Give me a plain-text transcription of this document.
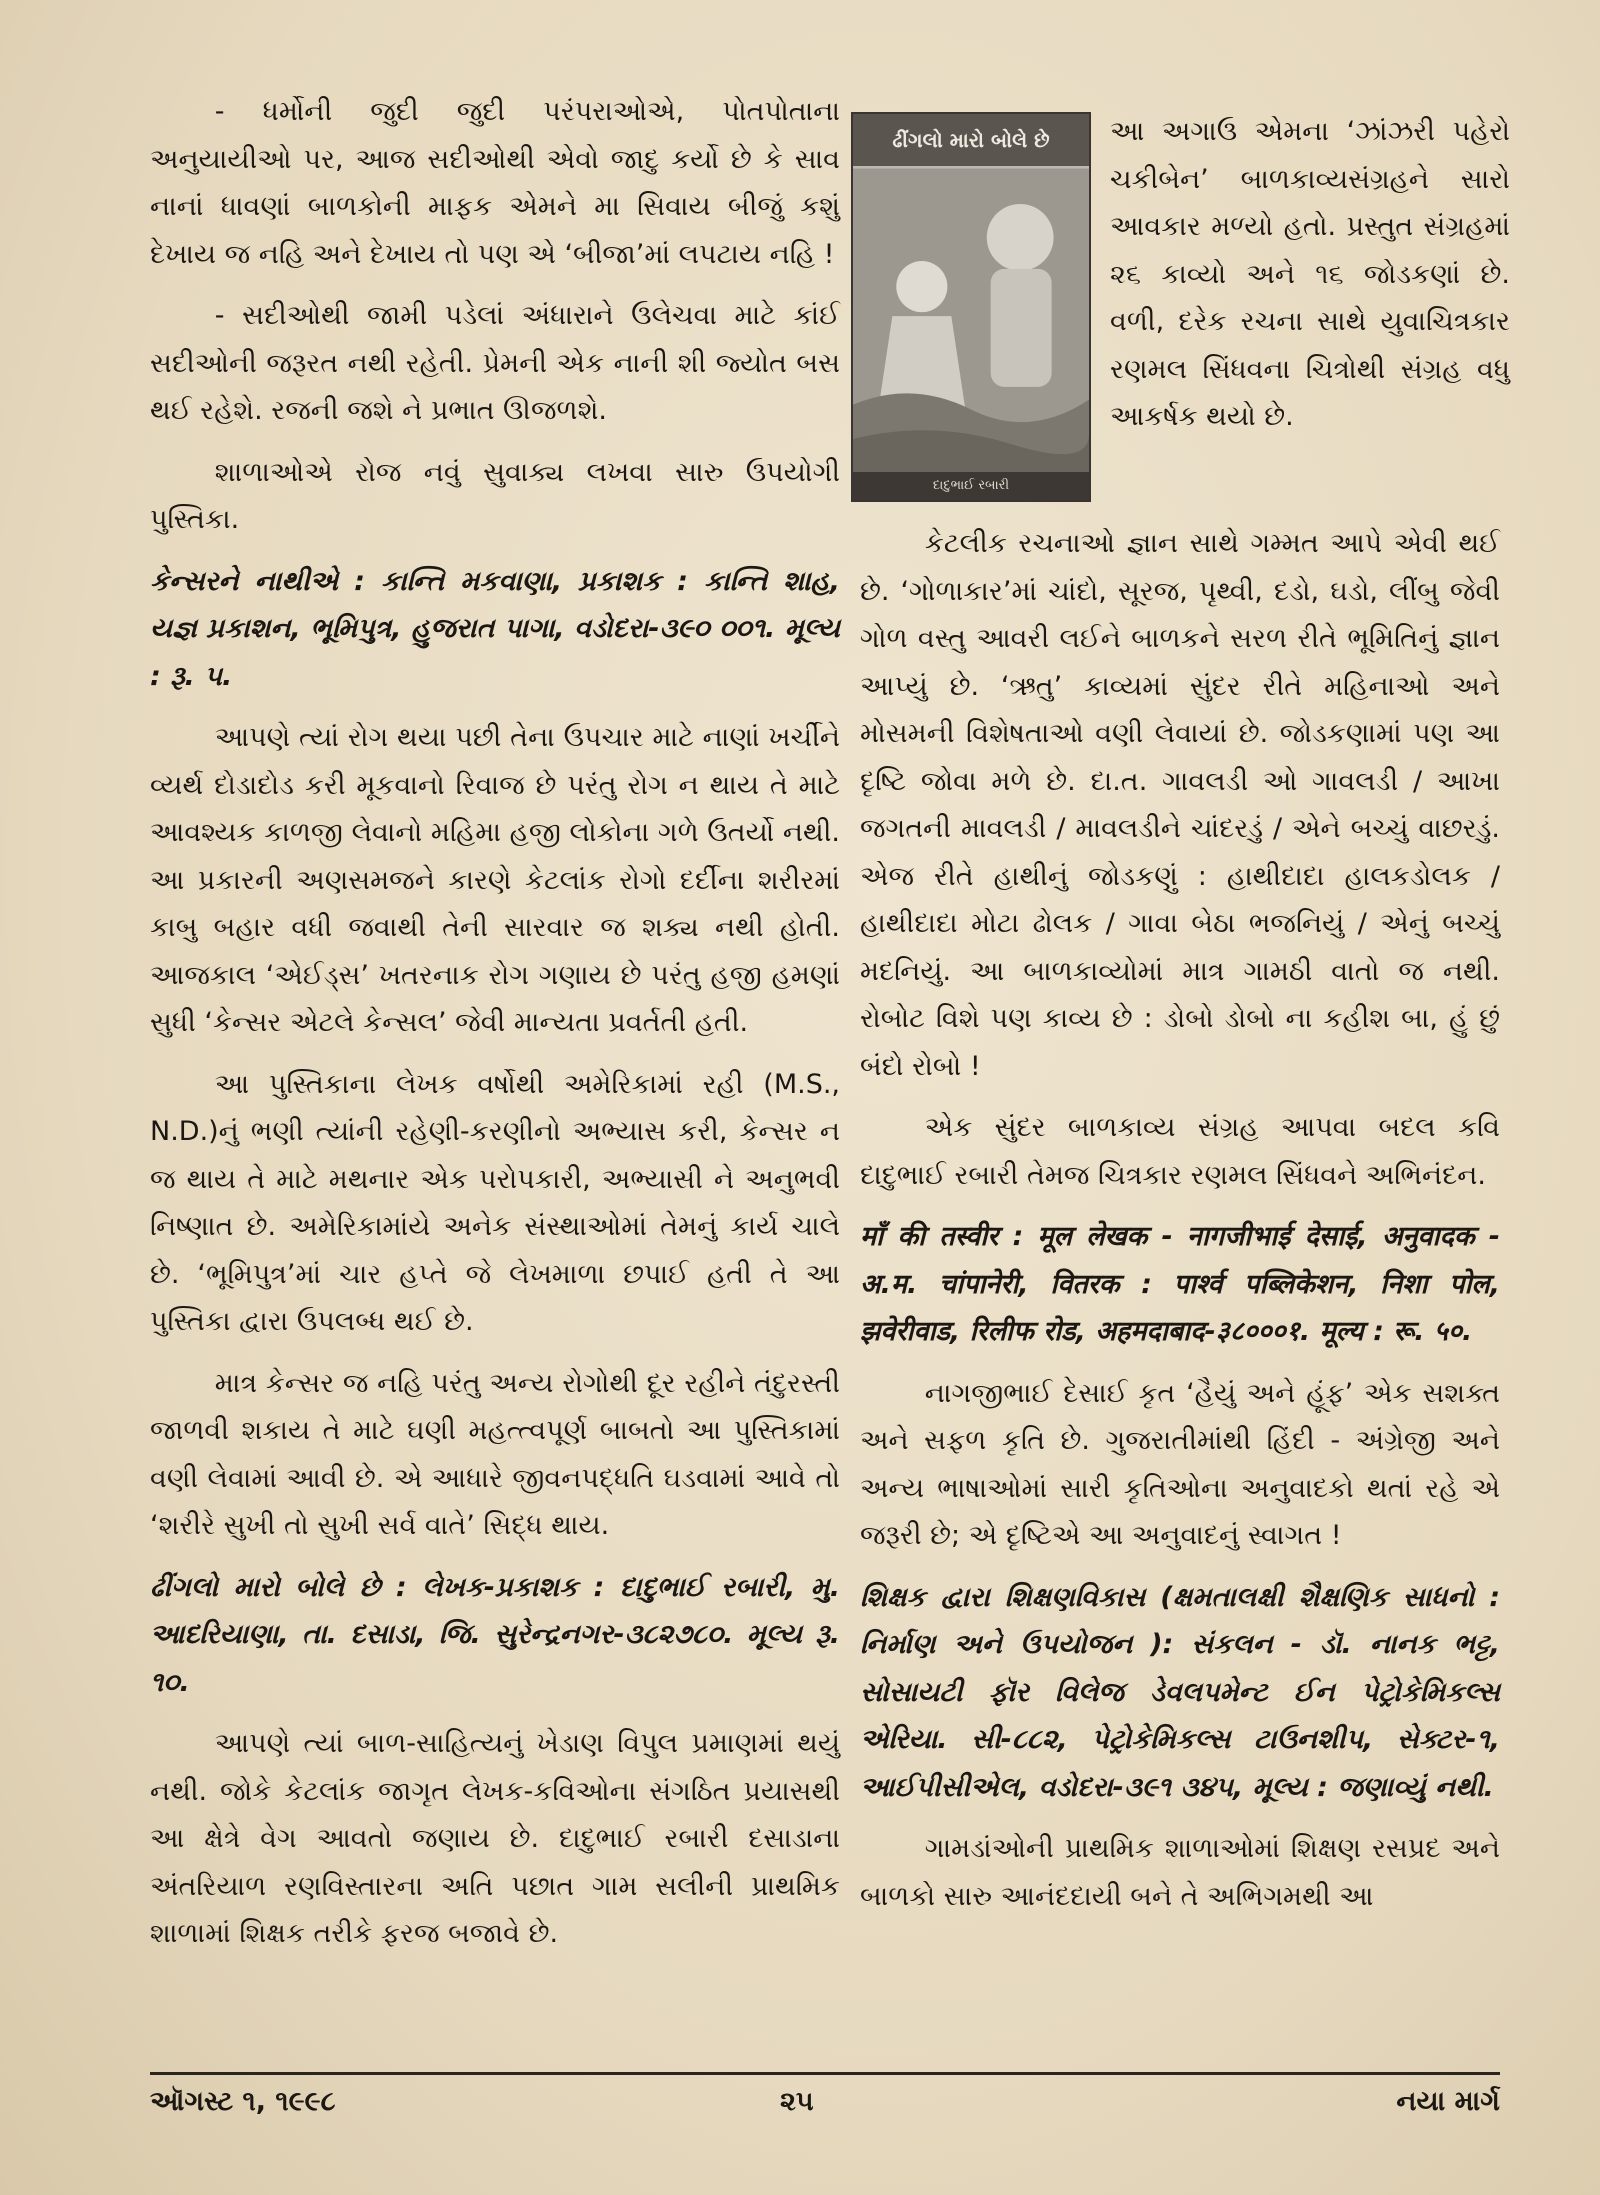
- ધર્મોની જુદી જુદી પરંપરાઓએ, પોતપોતાના અનુયાયીઓ પર, આજ સદીઓથી એવો જાદુ કર્યો છે કે સાવ નાનાં ધાવણાં બાળકોની માફક એમને મા સિવાય બીજું કશું દેખાય જ નહિ અને દેખાય તો પણ એ ‘બીજા’માં લપટાય નહિ !

- સદીઓથી જામી પડેલાં અંધારાને ઉલેચવા માટે કાંઈ સદીઓની જરૂરત નથી રહેતી. પ્રેમની એક નાની શી જ્યોત બસ થઈ રહેશે. રજની જશે ને પ્રભાત ઊજળશે.

શાળાઓએ રોજ નવું સુવાક્ય લખવા સારુ ઉપયોગી પુસ્તિકા.

કેન્સરને નાથીએ : કાન્તિ મકવાણા, પ્રકાશક : કાન્તિ શાહ, યજ્ઞ પ્રકાશન, ભૂમિપુત્ર, હુજરાત પાગા, વડોદરા-૩૯૦ ૦૦૧. મૂલ્ય : રૂ. ૫.

આપણે ત્યાં રોગ થયા પછી તેના ઉપચાર માટે નાણાં ખર્ચીને વ્યર્થ દોડાદોડ કરી મૂકવાનો રિવાજ છે પરંતુ રોગ ન થાય તે માટે આવશ્યક કાળજી લેવાનો મહિમા હજી લોકોના ગળે ઉતર્યો નથી. આ પ્રકારની અણસમજને કારણે કેટલાંક રોગો દર્દીના શરીરમાં કાબુ બહાર વધી જવાથી તેની સારવાર જ શક્ય નથી હોતી. આજકાલ ‘એઈડ્સ’ ખતરનાક રોગ ગણાય છે પરંતુ હજી હમણાં સુધી ‘કેન્સર એટલે કેન્સલ’ જેવી માન્યતા પ્રવર્તતી હતી.

આ પુસ્તિકાના લેખક વર્ષોથી અમેરિકામાં રહી (M.S., N.D.)નું ભણી ત્યાંની રહેણી-કરણીનો અભ્યાસ કરી, કેન્સર ન જ થાય તે માટે મથનાર એક પરોપકારી, અભ્યાસી ને અનુભવી નિષ્ણાત છે. અમેરિકામાંયે અનેક સંસ્થાઓમાં તેમનું કાર્ય ચાલે છે. ‘ભૂમિપુત્ર’માં ચાર હપ્તે જે લેખમાળા છપાઈ હતી તે આ પુસ્તિકા દ્વારા ઉપલબ્ધ થઈ છે.

માત્ર કેન્સર જ નહિ પરંતુ અન્ય રોગોથી દૂર રહીને તંદુરસ્તી જાળવી શકાય તે માટે ઘણી મહત્ત્વપૂર્ણ બાબતો આ પુસ્તિકામાં વણી લેવામાં આવી છે. એ આધારે જીવનપદ્ધતિ ઘડવામાં આવે તો ‘શરીરે સુખી તો સુખી સર્વ વાતે’ સિદ્ધ થાય.

ઢીંગલો મારો બોલે છે : લેખક-પ્રકાશક : દાદુભાઈ રબારી, મુ. આદરિયાણા, તા. દસાડા, જિ. સુરેન્દ્રનગર-૩૮૨૭૮૦. મૂલ્ય રૂ. ૧૦.

આપણે ત્યાં બાળ-સાહિત્યનું ખેડાણ વિપુલ પ્રમાણમાં થયું નથી. જોકે કેટલાંક જાગૃત લેખક-કવિઓના સંગઠિત પ્રયાસથી આ ક્ષેત્રે વેગ આવતો જણાય છે. દાદુભાઈ રબારી દસાડાના અંતરિયાળ રણવિસ્તારના અતિ પછાત ગામ સલીની પ્રાથમિક શાળામાં શિક્ષક તરીકે ફરજ બજાવે છે.

ઢીંગલો મારો બોલે છે
દાદુભાઈ રબારી

આ અગાઉ એમના ‘ઝાંઝરી પહેરો ચકીબેન’ બાળકાવ્યસંગ્રહને સારો આવકાર મળ્યો હતો. પ્રસ્તુત સંગ્રહમાં ૨૬ કાવ્યો અને ૧૬ જોડકણાં છે. વળી, દરેક રચના સાથે યુવાચિત્રકાર રણમલ સિંધવના ચિત્રોથી સંગ્રહ વધુ આકર્ષક થયો છે.

કેટલીક રચનાઓ જ્ઞાન સાથે ગમ્મત આપે એવી થઈ છે. ‘ગોળાકાર’માં ચાંદો, સૂરજ, પૃથ્વી, દડો, ઘડો, લીંબુ જેવી ગોળ વસ્તુ આવરી લઈને બાળકને સરળ રીતે ભૂમિતિનું જ્ઞાન આપ્યું છે. ‘ઋતુ’ કાવ્યમાં સુંદર રીતે મહિનાઓ અને મોસમની વિશેષતાઓ વણી લેવાયાં છે. જોડકણામાં પણ આ દૃષ્ટિ જોવા મળે છે. દા.ત. ગાવલડી ઓ ગાવલડી / આખા જગતની માવલડી / માવલડીને ચાંદરડું / એને બચ્ચું વાછરડું. એજ રીતે હાથીનું જોડકણું : હાથીદાદા હાલકડોલક / હાથીદાદા મોટા ઢોલક / ગાવા બેઠા ભજનિયું / એનું બચ્ચું મદનિયું. આ બાળકાવ્યોમાં માત્ર ગામઠી વાતો જ નથી. રોબોટ વિશે પણ કાવ્ય છે : ડોબો ડોબો ના કહીશ બા, હું છું બંદો રોબો !

એક સુંદર બાળકાવ્ય સંગ્રહ આપવા બદલ કવિ દાદુભાઈ રબારી તેમજ ચિત્રકાર રણમલ સિંધવને અભિનંદન.

माँ की तस्वीर : मूल लेखक - नागजीभाई देसाई, अनुवादक - अ.म. चांपानेरी, वितरक : पार्श्व पब्लिकेशन, निशा पोल, झवेरीवाड, रिलीफ रोड, अहमदाबाद-३८०००१. मूल्य : रू. ५०.

નાગજીભાઈ દેસાઈ કૃત ‘હૈયું અને હૂંફ’ એક સશક્ત અને સફળ કૃતિ છે. ગુજરાતીમાંથી હિંદી - અંગ્રેજી અને અન્ય ભાષાઓમાં સારી કૃતિઓના અનુવાદકો થતાં રહે એ જરૂરી છે; એ દૃષ્ટિએ આ અનુવાદનું સ્વાગત !

શિક્ષક દ્વારા શિક્ષણવિકાસ (ક્ષમતાલક્ષી શૈક્ષણિક સાધનો : નિર્માણ અને ઉપયોજન ): સંકલન - ડૉ. નાનક ભટ્ટ, સોસાયટી ફૉર વિલેજ ડેવલપમેન્ટ ઈન પેટ્રોકેમિકલ્સ એરિયા. સી-૮૮૨, પેટ્રોકેમિકલ્સ ટાઉનશીપ, સેક્ટર-૧, આઈપીસીએલ, વડોદરા-૩૯૧ ૩૪૫, મૂલ્ય : જણાવ્યું નથી.

ગામડાંઓની પ્રાથમિક શાળાઓમાં શિક્ષણ રસપ્રદ અને બાળકો સારુ આનંદદાયી બને તે અભિગમથી આ

ઑગસ્ટ ૧, ૧૯૯૮	૨૫	નયા માર્ગ
